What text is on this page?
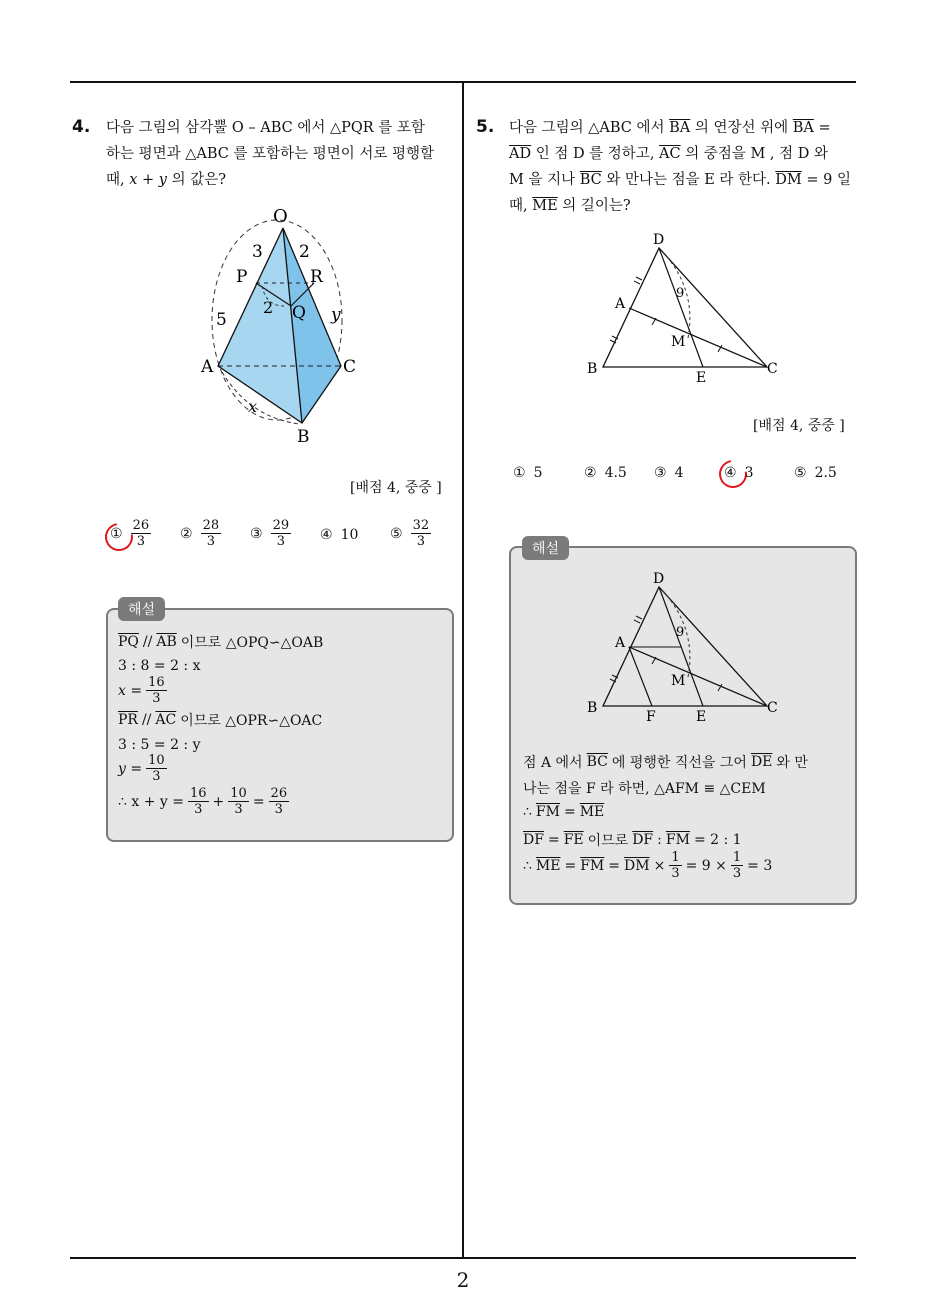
2
4. 다음 그림의 삼각뿔 O – ABC 에서 △PQR 를 포함
하는 평면과 △ABC 를 포함하는 평면이 서로 평행할
때, x + y 의 값은?
O
3 2
P	R
2 Q
5	y
A	C
x
B
[배점 4, 중중 ]
① $\frac{26}{3}$ ② $\frac{28}{3}$ ③ $\frac{29}{3}$ ④ 10 ⑤ $\frac{32}{3}$
해설
$\overline{PQ} // \overline{AB}$ 이므로 △OPQ∽△OAB
3 : 8 = 2 : x
$x = \frac{16}{3}$
$\overline{PR} // \overline{AC}$ 이므로 △OPR∽△OAC
3 : 5 = 2 : y
$y = \frac{10}{3}$
∴ $x + y = \frac{16}{3} + \frac{10}{3} = \frac{26}{3}$
5. 다음 그림의 △ABC 에서 $\overline{BA}$ 의 연장선 위에 $\overline{BA}$ =
$\overline{AD}$ 인 점 D 를 정하고, $\overline{AC}$ 의 중점을 M , 점 D 와
M 을 지나 $\overline{BC}$ 와 만나는 점을 E 라 한다. $\overline{DM} = 9$ 일
때, $\overline{ME}$ 의 길이는?
D
A
9
M
B
E
C
[배점 4, 중중 ]
① 5	② 4.5 ③ 4	④ 3	⑤ 2.5
해설
D
A
9
M
B
F	E
C
점 A 에서 $\overline{BC}$ 에 평행한 직선을 그어 $\overline{DE}$ 와 만
나는 점을 F 라 하면, △AFM ≡ △CEM
∴ $\overline{FM} = \overline{ME}$
$\overline{DF} = \overline{FE}$ 이므로 $\overline{DF}$ : $\overline{FM} = 2$ : 1
∴ $\overline{ME} = \overline{FM} = \overline{DM} \times \frac{1}{3} = 9 \times \frac{1}{3} = 3$
